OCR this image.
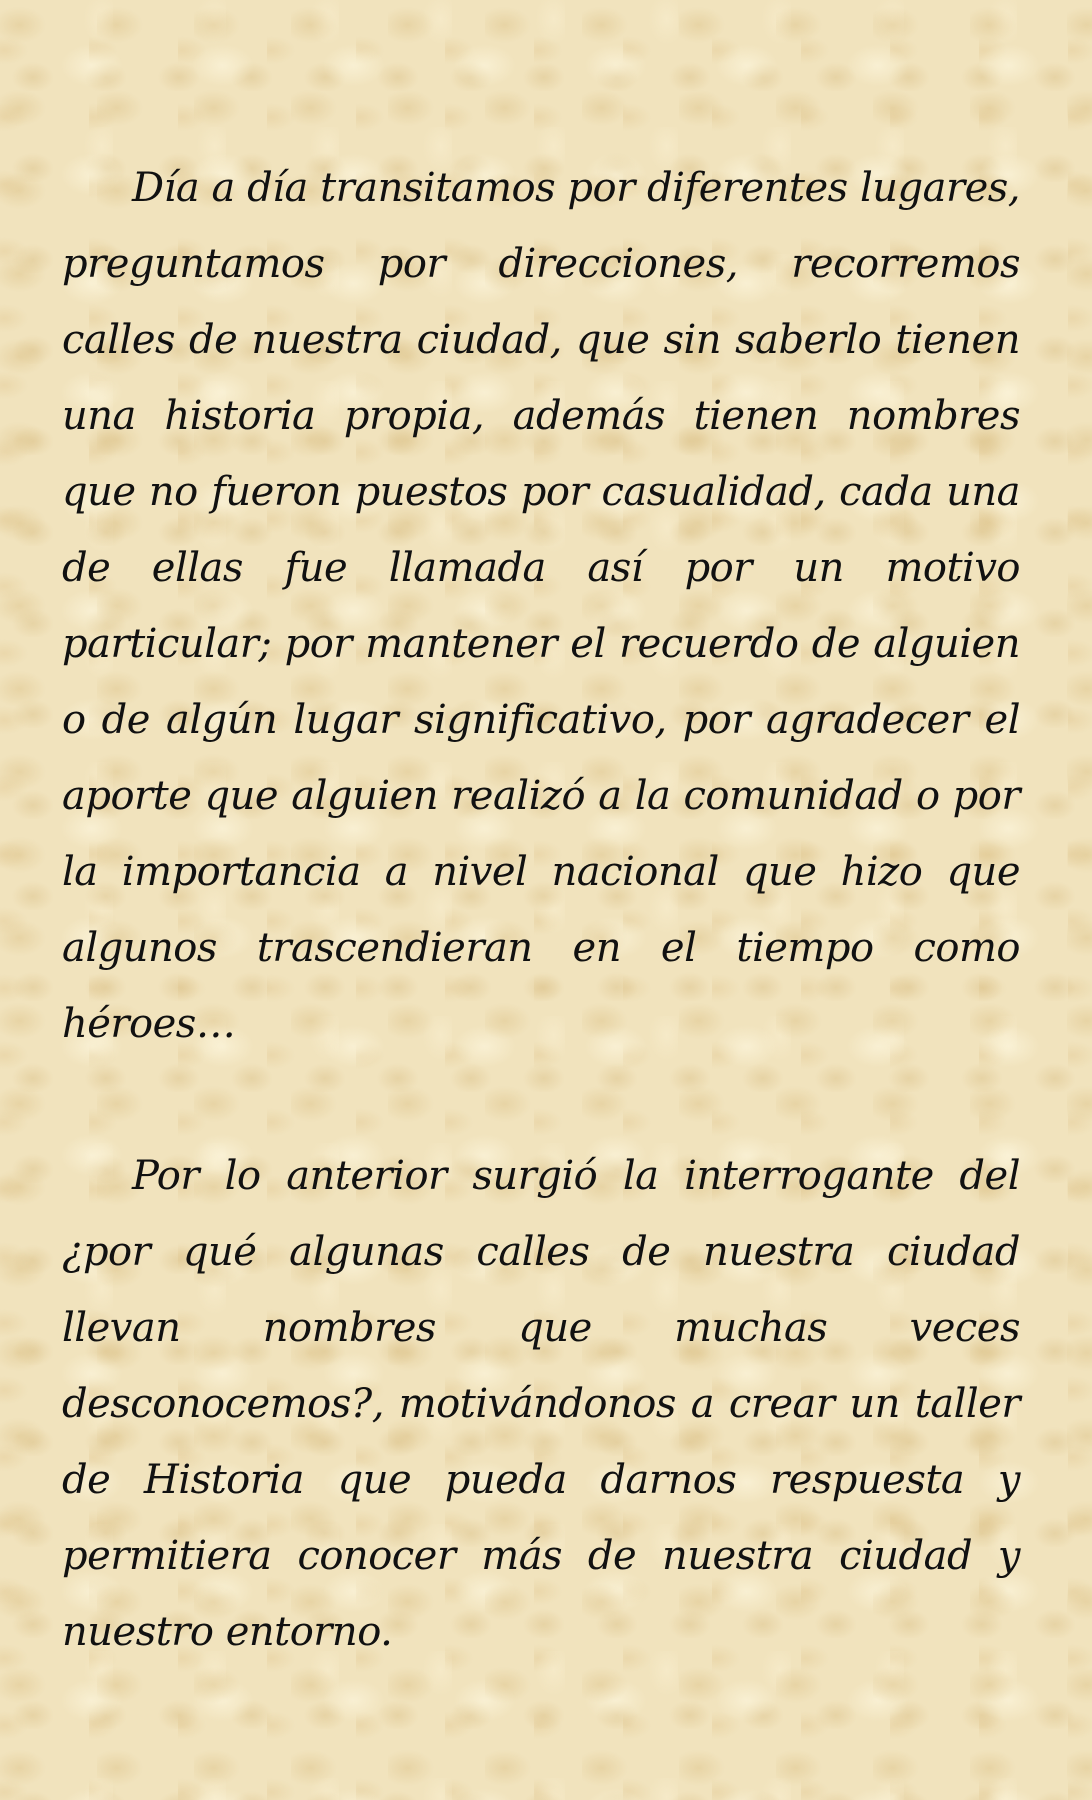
Día a día transitamos por diferentes lugares, preguntamos por direcciones, recorremos calles de nuestra ciudad, que sin saberlo tienen una historia propia, además tienen nombres que no fueron puestos por casualidad, cada una de ellas fue llamada así por un motivo particular; por mantener el recuerdo de alguien o de algún lugar significativo, por agradecer el aporte que alguien realizó a la comunidad o por la importancia a nivel nacional que hizo que algunos trascendieran en el tiempo como héroes…

Por lo anterior surgió la interrogante del ¿por qué algunas calles de nuestra ciudad llevan nombres que muchas veces desconocemos?, motivándonos a crear un taller de Historia que pueda darnos respuesta y permitiera conocer más de nuestra ciudad y nuestro entorno.
